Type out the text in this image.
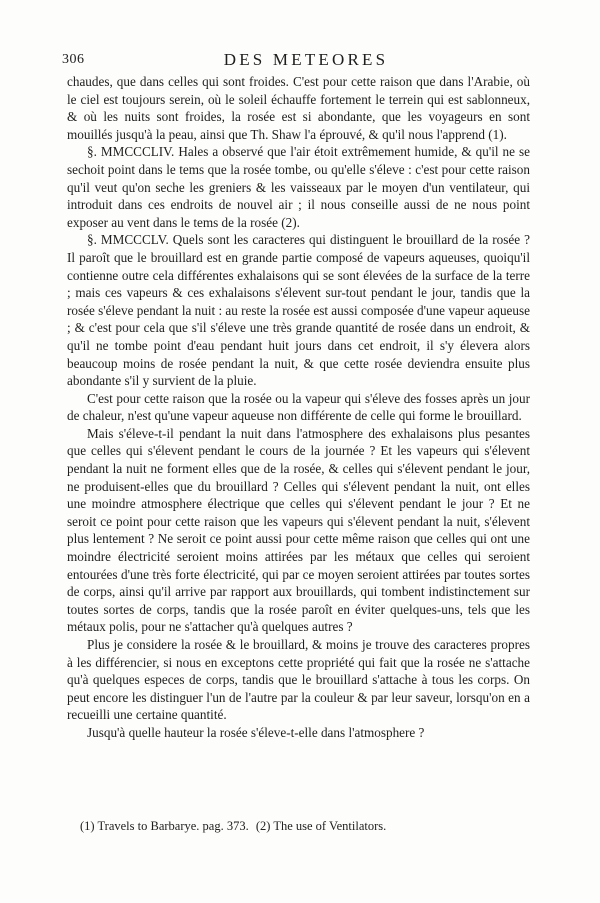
306	DES METEORES

chaudes, que dans celles qui sont froides. C'est pour cette raison que dans l'Arabie, où le ciel est toujours serein, où le soleil échauffe fortement le terrein qui est sablonneux, & où les nuits sont froides, la rosée est si abondante, que les voyageurs en sont mouillés jusqu'à la peau, ainsi que Th. Shaw l'a éprouvé, & qu'il nous l'apprend (1).

§. MMCCCLIV. Hales a observé que l'air étoit extrêmement humide, & qu'il ne se sechoit point dans le tems que la rosée tombe, ou qu'elle s'éleve : c'est pour cette raison qu'il veut qu'on seche les greniers & les vaisseaux par le moyen d'un ventilateur, qui introduit dans ces endroits de nouvel air ; il nous conseille aussi de ne nous point exposer au vent dans le tems de la rosée (2).

§. MMCCCLV. Quels sont les caracteres qui distinguent le brouillard de la rosée ? Il paroît que le brouillard est en grande partie composé de vapeurs aqueuses, quoiqu'il contienne outre cela différentes exhalaisons qui se sont élevées de la surface de la terre ; mais ces vapeurs & ces exhalaisons s'élevent sur-tout pendant le jour, tandis que la rosée s'éleve pendant la nuit : au reste la rosée est aussi composée d'une vapeur aqueuse ; & c'est pour cela que s'il s'éleve une très grande quantité de rosée dans un endroit, & qu'il ne tombe point d'eau pendant huit jours dans cet endroit, il s'y élevera alors beaucoup moins de rosée pendant la nuit, & que cette rosée deviendra ensuite plus abondante s'il y survient de la pluie.

C'est pour cette raison que la rosée ou la vapeur qui s'éleve des fosses après un jour de chaleur, n'est qu'une vapeur aqueuse non différente de celle qui forme le brouillard.

Mais s'éleve-t-il pendant la nuit dans l'atmosphere des exhalaisons plus pesantes que celles qui s'élevent pendant le cours de la journée ? Et les vapeurs qui s'élevent pendant la nuit ne forment elles que de la rosée, & celles qui s'élevent pendant le jour, ne produisent-elles que du brouillard ? Celles qui s'élevent pendant la nuit, ont elles une moindre atmosphere électrique que celles qui s'élevent pendant le jour ? Et ne seroit ce point pour cette raison que les vapeurs qui s'élevent pendant la nuit, s'élevent plus lentement ? Ne seroit ce point aussi pour cette même raison que celles qui ont une moindre électricité seroient moins attirées par les métaux que celles qui seroient entourées d'une très forte électricité, qui par ce moyen seroient attirées par toutes sortes de corps, ainsi qu'il arrive par rapport aux brouillards, qui tombent indistinctement sur toutes sortes de corps, tandis que la rosée paroît en éviter quelques-uns, tels que les métaux polis, pour ne s'attacher qu'à quelques autres ?

Plus je considere la rosée & le brouillard, & moins je trouve des caracteres propres à les différencier, si nous en exceptons cette propriété qui fait que la rosée ne s'attache qu'à quelques especes de corps, tandis que le brouillard s'attache à tous les corps. On peut encore les distinguer l'un de l'autre par la couleur & par leur saveur, lorsqu'on en a recueilli une certaine quantité.

Jusqu'à quelle hauteur la rosée s'éleve-t-elle dans l'atmosphere ?

(1) Travels to Barbarye. pag. 373. (2) The use of Ventilators.
